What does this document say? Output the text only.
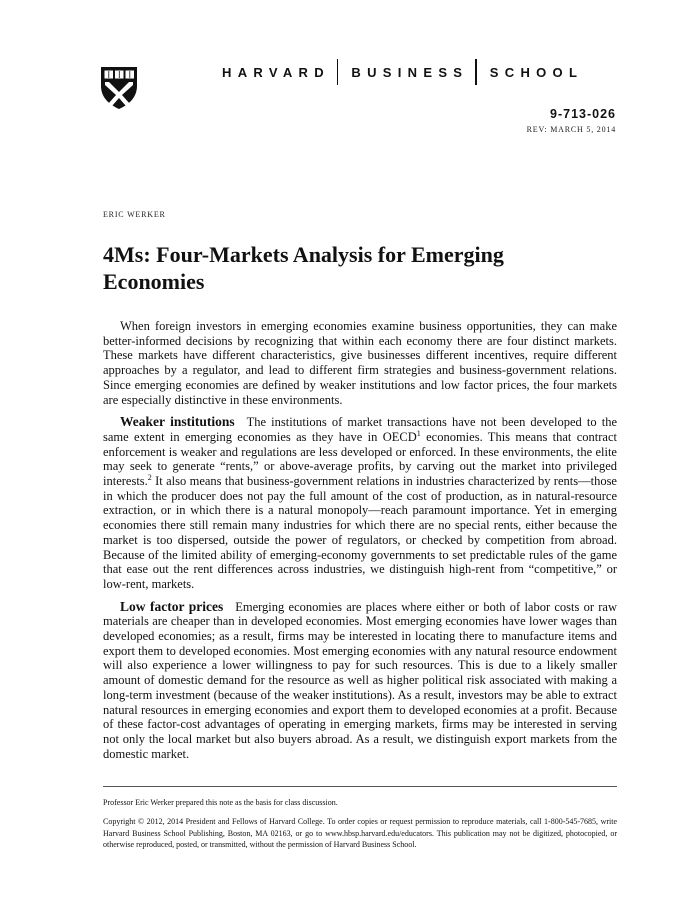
HARVARD BUSINESS SCHOOL
9-713-026
REV: MARCH 5, 2014
ERIC WERKER
4Ms: Four-Markets Analysis for Emerging Economies

When foreign investors in emerging economies examine business opportunities, they can make better-informed decisions by recognizing that within each economy there are four distinct markets. These markets have different characteristics, give businesses different incentives, require different approaches by a regulator, and lead to different firm strategies and business-government relations. Since emerging economies are defined by weaker institutions and low factor prices, the four markets are especially distinctive in these environments.

Weaker institutions The institutions of market transactions have not been developed to the same extent in emerging economies as they have in OECD$^1$ economies. This means that contract enforcement is weaker and regulations are less developed or enforced. In these environments, the elite may seek to generate “rents,” or above-average profits, by carving out the market into privileged interests.$^2$ It also means that business-government relations in industries characterized by rents—those in which the producer does not pay the full amount of the cost of production, as in natural-resource extraction, or in which there is a natural monopoly—reach paramount importance. Yet in emerging economies there still remain many industries for which there are no special rents, either because the market is too dispersed, outside the power of regulators, or checked by competition from abroad. Because of the limited ability of emerging-economy governments to set predictable rules of the game that ease out the rent differences across industries, we distinguish high-rent from “competitive,” or low-rent, markets.

Low factor prices Emerging economies are places where either or both of labor costs or raw materials are cheaper than in developed economies. Most emerging economies have lower wages than developed economies; as a result, firms may be interested in locating there to manufacture items and export them to developed economies. Most emerging economies with any natural resource endowment will also experience a lower willingness to pay for such resources. This is due to a likely smaller amount of domestic demand for the resource as well as higher political risk associated with making a long-term investment (because of the weaker institutions). As a result, investors may be able to extract natural resources in emerging economies and export them to developed economies at a profit. Because of these factor-cost advantages of operating in emerging markets, firms may be interested in serving not only the local market but also buyers abroad. As a result, we distinguish export markets from the domestic market.

Professor Eric Werker prepared this note as the basis for class discussion.
Copyright © 2012, 2014 President and Fellows of Harvard College. To order copies or request permission to reproduce materials, call 1-800-545-7685, write Harvard Business School Publishing, Boston, MA 02163, or go to www.hbsp.harvard.edu/educators. This publication may not be digitized, photocopied, or otherwise reproduced, posted, or transmitted, without the permission of Harvard Business School.
